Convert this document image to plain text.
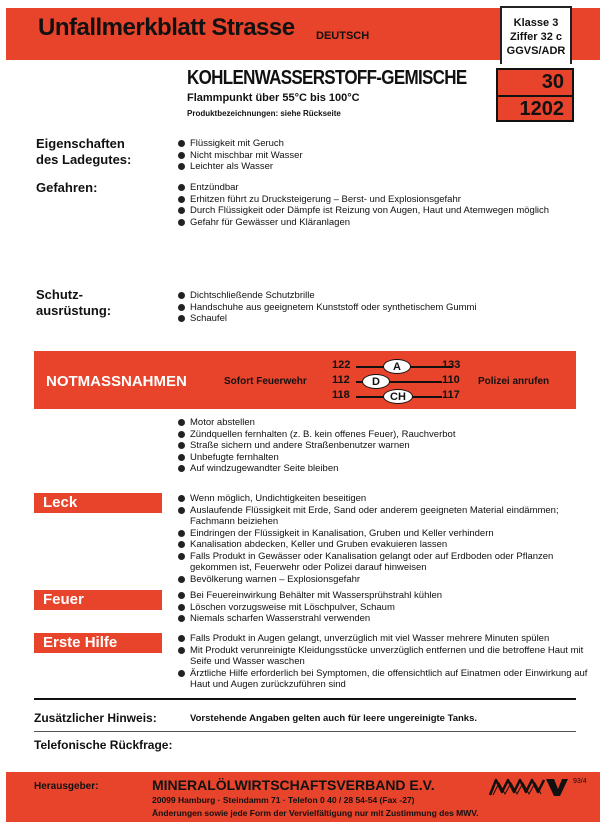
Unfallmerkblatt Strasse DEUTSCH
Klasse 3
Ziffer 32 c
GGVS/ADR
KOHLENWASSERSTOFF-GEMISCHE
Flammpunkt über 55°C bis 100°C
Produktbezeichnungen: siehe Rückseite
30
1202
Eigenschaften
des Ladegutes:
Flüssigkeit mit Geruch
Nicht mischbar mit Wasser
Leichter als Wasser
Gefahren:	Entzündbar
Erhitzen führt zu Drucksteigerung – Berst- und Explosionsgefahr
Durch Flüssigkeit oder Dämpfe ist Reizung von Augen, Haut und Atemwegen möglich
Gefahr für Gewässer und Kläranlagen
Schutz-
ausrüstung:
Dichtschließende Schutzbrille
Handschuhe aus geeignetem Kunststoff oder synthetischem Gummi
Schaufel
NOTMASSNAHMEN	Sofort Feuerwehr	Polizei anrufen
122	A	133
112	D	110
118	CH	117
Motor abstellen
Zündquellen fernhalten (z. B. kein offenes Feuer), Rauchverbot
Straße sichern und andere Straßenbenutzer warnen
Unbefugte fernhalten
Auf windzugewandter Seite bleiben
Leck	Wenn möglich, Undichtigkeiten beseitigen
Auslaufende Flüssigkeit mit Erde, Sand oder anderem geeigneten Material eindämmen; Fachmann beiziehen
Eindringen der Flüssigkeit in Kanalisation, Gruben und Keller verhindern
Kanalisation abdecken, Keller und Gruben evakuieren lassen
Falls Produkt in Gewässer oder Kanalisation gelangt oder auf Erdboden oder Pflanzen gekommen ist, Feuerwehr oder Polizei darauf hinweisen
Bevölkerung warnen – Explosionsgefahr
Feuer	Bei Feuereinwirkung Behälter mit Wassersprühstrahl kühlen
Löschen vorzugsweise mit Löschpulver, Schaum
Niemals scharfen Wasserstrahl verwenden
Erste Hilfe	Falls Produkt in Augen gelangt, unverzüglich mit viel Wasser mehrere Minuten spülen
Mit Produkt verunreinigte Kleidungsstücke unverzüglich entfernen und die betroffene Haut mit Seife und Wasser waschen
Ärztliche Hilfe erforderlich bei Symptomen, die offensichtlich auf Einatmen oder Einwirkung auf Haut und Augen zurückzuführen sind
Zusätzlicher Hinweis:	Vorstehende Angaben gelten auch für leere ungereinigte Tanks.
Telefonische Rückfrage:
Herausgeber:	MINERALÖLWIRTSCHAFTSVERBAND E.V.
20099 Hamburg · Steindamm 71 · Telefon 0 40 / 28 54-54 (Fax -27)
Änderungen sowie jede Form der Vervielfältigung nur mit Zustimmung des MWV.
93/4
